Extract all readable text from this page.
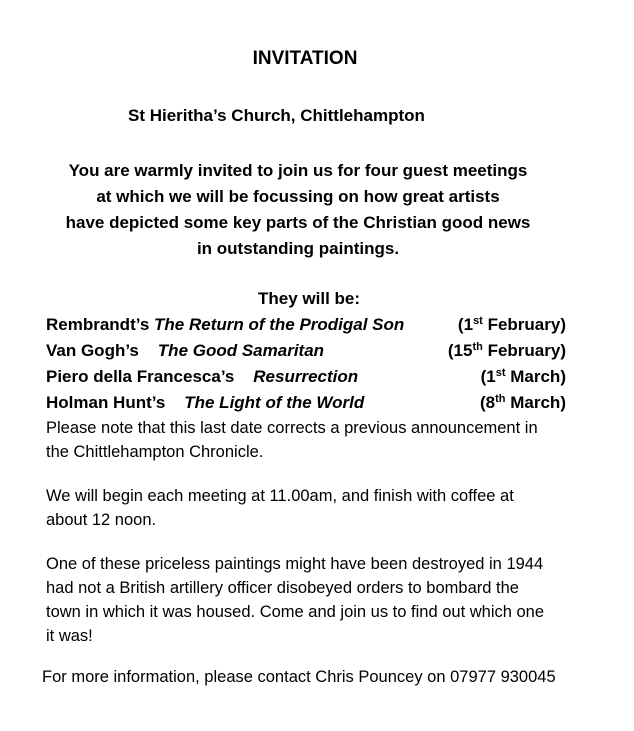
INVITATION
St Hieritha’s Church, Chittlehampton
You are warmly invited to join us for four guest meetings
at which we will be focussing on how great artists
have depicted some key parts of the Christian good news
in outstanding paintings.
They will be:
Rembrandt’s The Return of the Prodigal Son	(1st February)
Van Gogh’s The Good Samaritan	(15th February)
Piero della Francesca’s Resurrection	(1st March)
Holman Hunt’s The Light of the World	(8th March)
Please note that this last date corrects a previous announcement in
the Chittlehampton Chronicle.
We will begin each meeting at 11.00am, and finish with coffee at
about 12 noon.
One of these priceless paintings might have been destroyed in 1944
had not a British artillery officer disobeyed orders to bombard the
town in which it was housed. Come and join us to find out which one
it was!
For more information, please contact Chris Pouncey on 07977 930045
